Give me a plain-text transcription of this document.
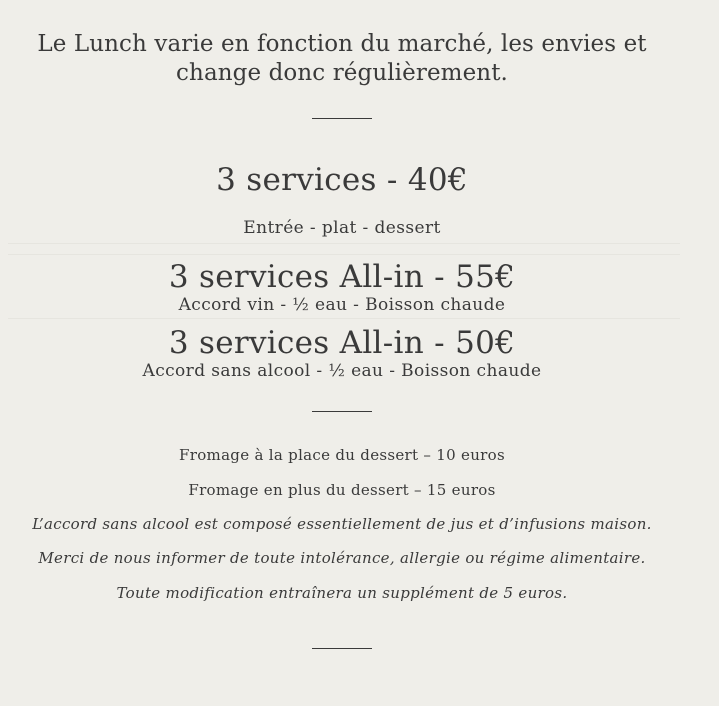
Le Lunch varie en fonction du marché, les envies et
change donc régulièrement.
3 services - 40€
Entrée - plat - dessert
3 services All-in - 55€
Accord vin - ½ eau - Boisson chaude
3 services All-in - 50€
Accord sans alcool - ½ eau - Boisson chaude
Fromage à la place du dessert – 10 euros
Fromage en plus du dessert – 15 euros
L’accord sans alcool est composé essentiellement de jus et d’infusions maison.
Merci de nous informer de toute intolérance, allergie ou régime alimentaire.
Toute modification entraînera un supplément de 5 euros.
